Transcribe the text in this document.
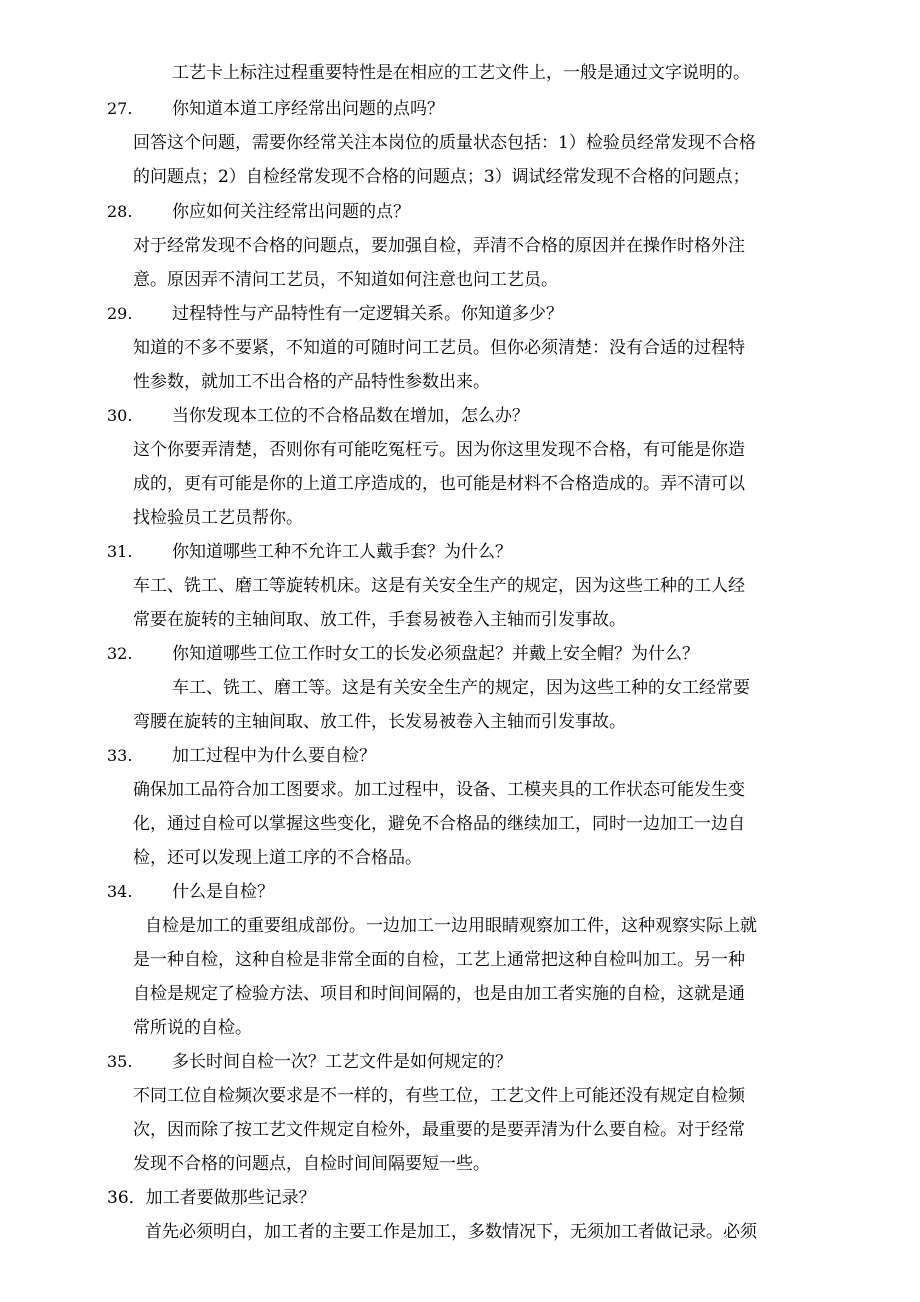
工艺卡上标注过程重要特性是在相应的工艺文件上，一般是通过文字说明的。
27. 你知道本道工序经常出问题的点吗？
回答这个问题，需要你经常关注本岗位的质量状态包括：1）检验员经常发现不合格
的问题点；2）自检经常发现不合格的问题点；3）调试经常发现不合格的问题点；
28. 你应如何关注经常出问题的点？
对于经常发现不合格的问题点，要加强自检，弄清不合格的原因并在操作时格外注
意。原因弄不清问工艺员，不知道如何注意也问工艺员。
29. 过程特性与产品特性有一定逻辑关系。你知道多少？
知道的不多不要紧，不知道的可随时问工艺员。但你必须清楚：没有合适的过程特
性参数，就加工不出合格的产品特性参数出来。
30. 当你发现本工位的不合格品数在增加，怎么办？
这个你要弄清楚，否则你有可能吃冤枉亏。因为你这里发现不合格，有可能是你造
成的，更有可能是你的上道工序造成的，也可能是材料不合格造成的。弄不清可以
找检验员工艺员帮你。
31. 你知道哪些工种不允许工人戴手套？为什么？
车工、铣工、磨工等旋转机床。这是有关安全生产的规定，因为这些工种的工人经
常要在旋转的主轴间取、放工件，手套易被卷入主轴而引发事故。
32. 你知道哪些工位工作时女工的长发必须盘起？并戴上安全帽？为什么？
车工、铣工、磨工等。这是有关安全生产的规定，因为这些工种的女工经常要
弯腰在旋转的主轴间取、放工件，长发易被卷入主轴而引发事故。
33. 加工过程中为什么要自检？
确保加工品符合加工图要求。加工过程中，设备、工模夹具的工作状态可能发生变
化，通过自检可以掌握这些变化，避免不合格品的继续加工，同时一边加工一边自
检，还可以发现上道工序的不合格品。
34. 什么是自检？
自检是加工的重要组成部份。一边加工一边用眼睛观察加工件，这种观察实际上就
是一种自检，这种自检是非常全面的自检，工艺上通常把这种自检叫加工。另一种
自检是规定了检验方法、项目和时间间隔的，也是由加工者实施的自检，这就是通
常所说的自检。
35. 多长时间自检一次？工艺文件是如何规定的？
不同工位自检频次要求是不一样的，有些工位，工艺文件上可能还没有规定自检频
次，因而除了按工艺文件规定自检外，最重要的是要弄清为什么要自检。对于经常
发现不合格的问题点，自检时间间隔要短一些。
36．加工者要做那些记录？
首先必须明白，加工者的主要工作是加工，多数情况下，无须加工者做记录。必须
